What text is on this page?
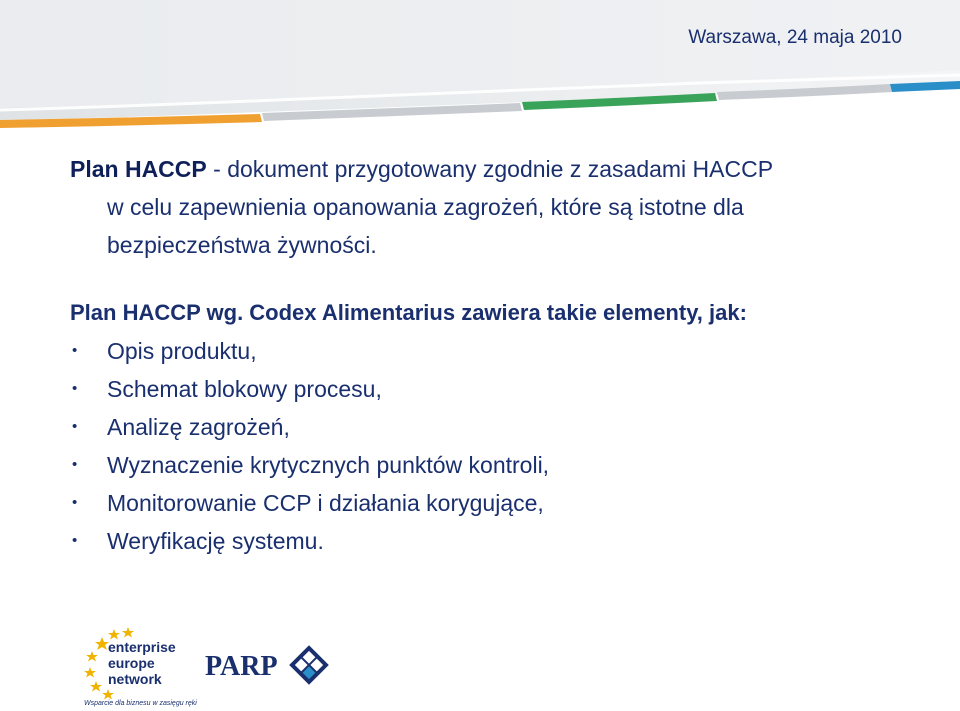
Warszawa, 24 maja 2010
Plan HACCP - dokument przygotowany zgodnie z zasadami HACCP
w celu zapewnienia opanowania zagrożeń, które są istotne dla
bezpieczeństwa żywności.
Plan HACCP wg. Codex Alimentarius zawiera takie elementy, jak:
• Opis produktu,
• Schemat blokowy procesu,
• Analizę zagrożeń,
• Wyznaczenie krytycznych punktów kontroli,
• Monitorowanie CCP i działania korygujące,
• Weryfikację systemu.
enterprise
europe
network
Wsparcie dla biznesu w zasięgu ręki
PARP
